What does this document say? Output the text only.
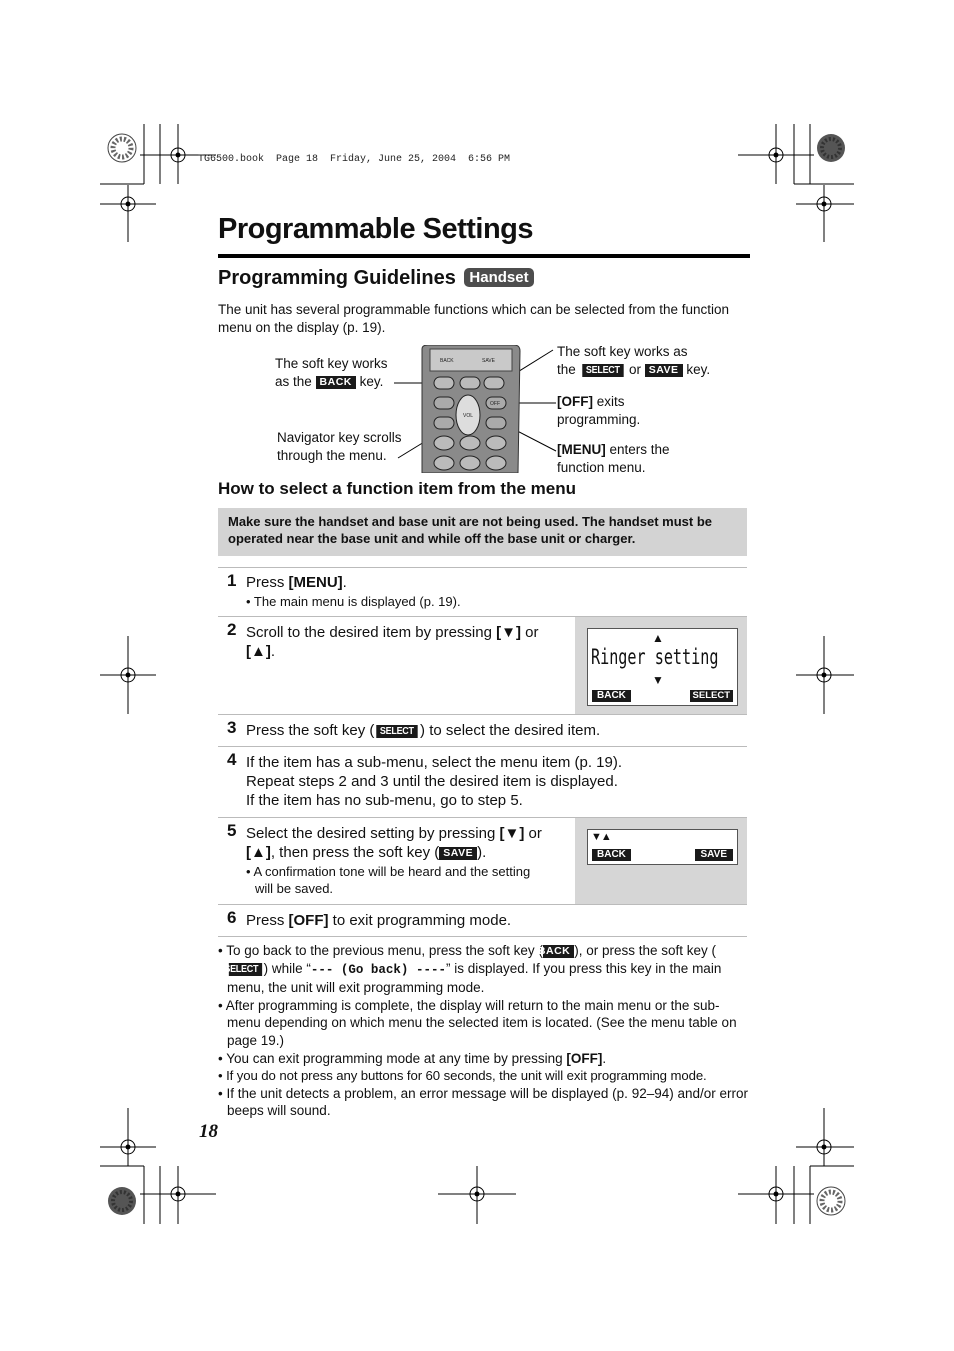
TG6500.book  Page 18  Friday, June 25, 2004  6:56 PM
Programmable Settings
Programming Guidelines Handset

The unit has several programmable functions which can be selected from the function menu on the display (p. 19).

The soft key works
as the BACK key.
Navigator key scrolls
through the menu.
The soft key works as
the SELECT or SAVE key.
[OFF] exits
programming.
[MENU] enters the
function menu.
BACK	SAVE
VOL
OFF
How to select a function item from the menu
Make sure the handset and base unit are not being used. The handset must be operated near the base unit and while off the base unit or charger.
1 Press [MENU].
• The main menu is displayed (p. 19).
2 Scroll to the desired item by pressing [▼] or
[▲].
▲
Ringer setting
▼
BACK	SELECT
3 Press the soft key ( SELECT ) to select the desired item.
4 If the item has a sub-menu, select the menu item (p. 19).
Repeat steps 2 and 3 until the desired item is displayed.
If the item has no sub-menu, go to step 5.
5 Select the desired setting by pressing [▼] or
[▲], then press the soft key ( SAVE ).
• A confirmation tone will be heard and the setting
will be saved.
▼▲
BACK	SAVE
6 Press [OFF] to exit programming mode.
• To go back to the previous menu, press the soft key (BACK ), or press the soft key (SELECT ) while “--- (Go back) ----” is displayed. If you press this key in the main menu, the unit will exit programming mode.
• After programming is complete, the display will return to the main menu or the sub-menu depending on which menu the selected item is located. (See the menu table on page 19.)
• You can exit programming mode at any time by pressing [OFF].
• If you do not press any buttons for 60 seconds, the unit will exit programming mode.
• If the unit detects a problem, an error message will be displayed (p. 92–94) and/or error beeps will sound.
18
